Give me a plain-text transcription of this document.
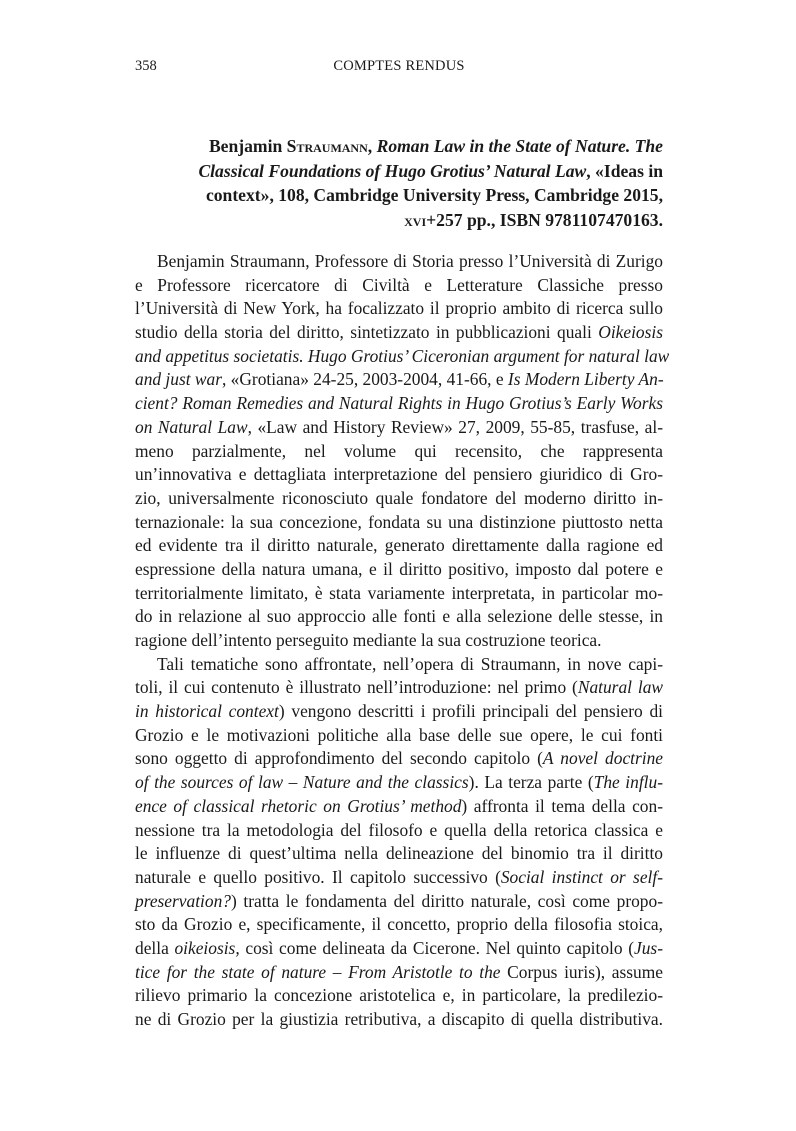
358	COMPTES RENDUS
Benjamin Straumann, Roman Law in the State of Nature. The
Classical Foundations of Hugo Grotius’ Natural Law, «Ideas in
context», 108, Cambridge University Press, Cambridge 2015,
xvi+257 pp., ISBN 9781107470163.
Benjamin Straumann, Professore di Storia presso l’Università di Zurigo
e Professore ricercatore di Civiltà e Letterature Classiche presso
l’Università di New York, ha focalizzato il proprio ambito di ricerca sullo
studio della storia del diritto, sintetizzato in pubblicazioni quali Oikeiosis
and appetitus societatis. Hugo Grotius’ Ciceronian argument for natural law
and just war, «Grotiana» 24-25, 2003-2004, 41-66, e Is Modern Liberty An-
cient? Roman Remedies and Natural Rights in Hugo Grotius’s Early Works
on Natural Law, «Law and History Review» 27, 2009, 55-85, trasfuse, al-
meno parzialmente, nel volume qui recensito, che rappresenta
un’innovativa e dettagliata interpretazione del pensiero giuridico di Gro-
zio, universalmente riconosciuto quale fondatore del moderno diritto in-
ternazionale: la sua concezione, fondata su una distinzione piuttosto netta
ed evidente tra il diritto naturale, generato direttamente dalla ragione ed
espressione della natura umana, e il diritto positivo, imposto dal potere e
territorialmente limitato, è stata variamente interpretata, in particolar mo-
do in relazione al suo approccio alle fonti e alla selezione delle stesse, in
ragione dell’intento perseguito mediante la sua costruzione teorica.
Tali tematiche sono affrontate, nell’opera di Straumann, in nove capi-
toli, il cui contenuto è illustrato nell’introduzione: nel primo (Natural law
in historical context) vengono descritti i profili principali del pensiero di
Grozio e le motivazioni politiche alla base delle sue opere, le cui fonti
sono oggetto di approfondimento del secondo capitolo (A novel doctrine
of the sources of law – Nature and the classics). La terza parte (The influ-
ence of classical rhetoric on Grotius’ method) affronta il tema della con-
nessione tra la metodologia del filosofo e quella della retorica classica e
le influenze di quest’ultima nella delineazione del binomio tra il diritto
naturale e quello positivo. Il capitolo successivo (Social instinct or self-
preservation?) tratta le fondamenta del diritto naturale, così come propo-
sto da Grozio e, specificamente, il concetto, proprio della filosofia stoica,
della oikeiosis, così come delineata da Cicerone. Nel quinto capitolo (Jus-
tice for the state of nature – From Aristotle to the Corpus iuris), assume
rilievo primario la concezione aristotelica e, in particolare, la predilezio-
ne di Grozio per la giustizia retributiva, a discapito di quella distributiva.
